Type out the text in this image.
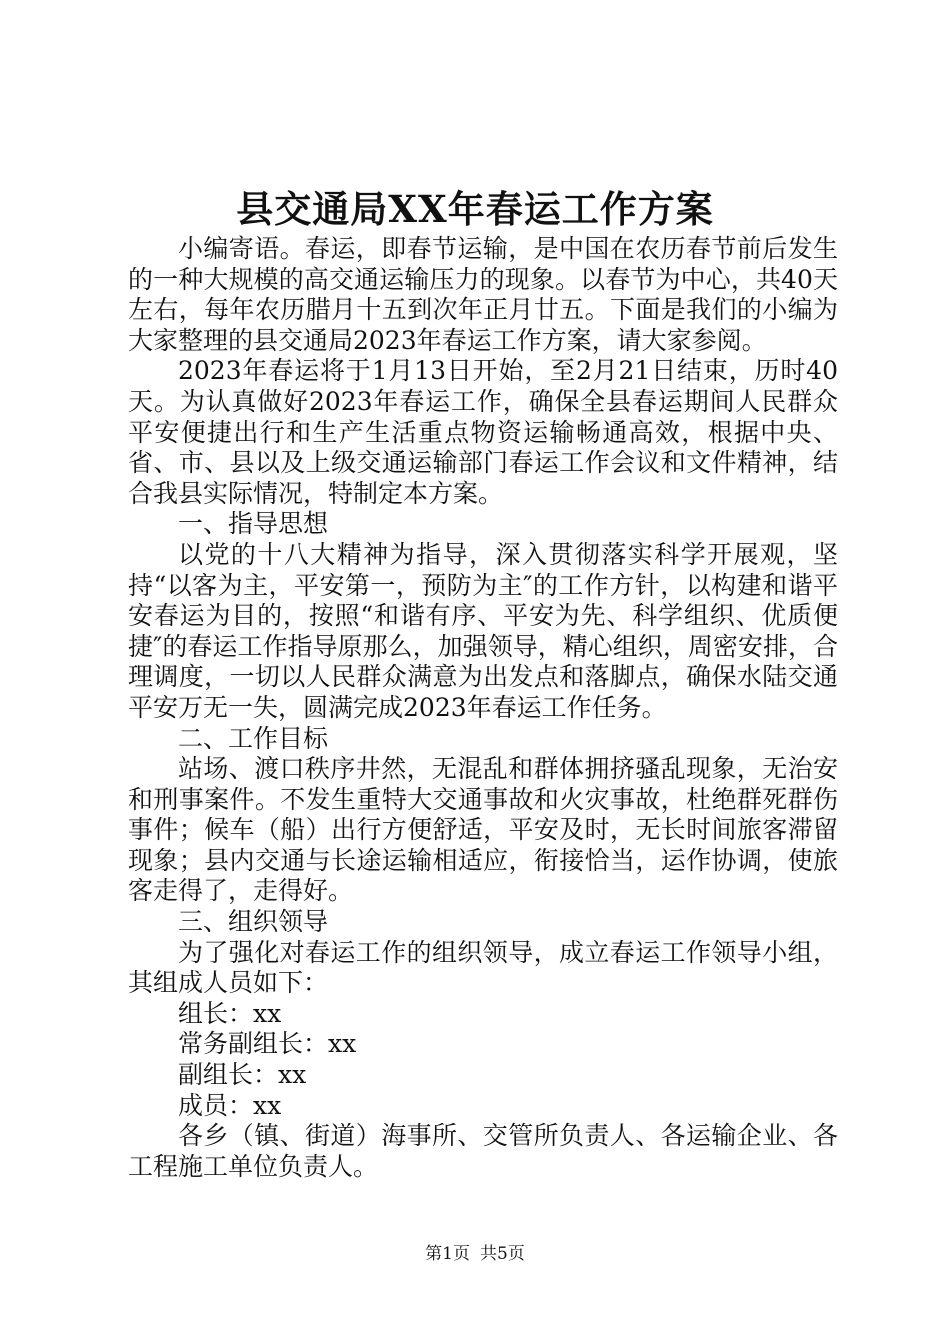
县交通局XX年春运工作方案

小编寄语。春运，即春节运输，是中国在农历春节前后发生的一种大规模的高交通运输压力的现象。以春节为中心，共40天左右，每年农历腊月十五到次年正月廿五。下面是我们的小编为大家整理的县交通局2023年春运工作方案，请大家参阅。

2023年春运将于1月13日开始，至2月21日结束，历时40天。为认真做好2023年春运工作，确保全县春运期间人民群众平安便捷出行和生产生活重点物资运输畅通高效，根据中央、省、市、县以及上级交通运输部门春运工作会议和文件精神，结合我县实际情况，特制定本方案。

一、指导思想

以党的十八大精神为指导，深入贯彻落实科学开展观，坚持“以客为主，平安第一，预防为主″的工作方针，以构建和谐平安春运为目的，按照“和谐有序、平安为先、科学组织、优质便捷″的春运工作指导原那么，加强领导，精心组织，周密安排，合理调度，一切以人民群众满意为出发点和落脚点，确保水陆交通平安万无一失，圆满完成2023年春运工作任务。

二、工作目标

站场、渡口秩序井然，无混乱和群体拥挤骚乱现象，无治安和刑事案件。不发生重特大交通事故和火灾事故，杜绝群死群伤事件；候车（船）出行方便舒适，平安及时，无长时间旅客滞留现象；县内交通与长途运输相适应，衔接恰当，运作协调，使旅客走得了，走得好。

三、组织领导

为了强化对春运工作的组织领导，成立春运工作领导小组，其组成人员如下：

组长：xx

常务副组长：xx

副组长：xx

成员：xx

各乡（镇、街道）海事所、交管所负责人、各运输企业、各工程施工单位负责人。

第1页 共5页
